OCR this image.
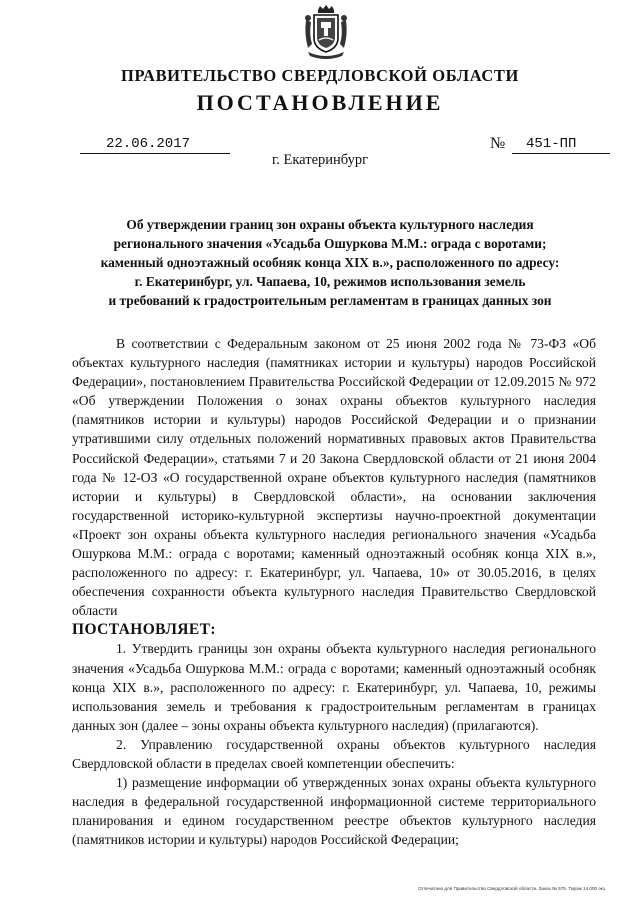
ПРАВИТЕЛЬСТВО СВЕРДЛОВСКОЙ ОБЛАСТИ
ПОСТАНОВЛЕНИЕ
22.06.2017	№	451-ПП
г. Екатеринбург
Об утверждении границ зон охраны объекта культурного наследия
регионального значения «Усадьба Ошуркова М.М.: ограда с воротами;
каменный одноэтажный особняк конца XIX в.», расположенного по адресу:
г. Екатеринбург, ул. Чапаева, 10, режимов использования земель
и требований к градостроительным регламентам в границах данных зон

В соответствии с Федеральным законом от 25 июня 2002 года № 73-ФЗ «Об объектах культурного наследия (памятниках истории и культуры) народов Российской Федерации», постановлением Правительства Российской Федерации от 12.09.2015 № 972 «Об утверждении Положения о зонах охраны объектов культурного наследия (памятников истории и культуры) народов Российской Федерации и о признании утратившими силу отдельных положений нормативных правовых актов Правительства Российской Федерации», статьями 7 и 20 Закона Свердловской области от 21 июня 2004 года № 12-ОЗ «О государственной охране объектов культурного наследия (памятников истории и культуры) в Свердловской области», на основании заключения государственной историко-культурной экспертизы научно-проектной документации «Проект зон охраны объекта культурного наследия регионального значения «Усадьба Ошуркова М.М.: ограда с воротами; каменный одноэтажный особняк конца XIX в.», расположенного по адресу: г. Екатеринбург, ул. Чапаева, 10» от 30.05.2016, в целях обеспечения сохранности объекта культурного наследия Правительство Свердловской области

ПОСТАНОВЛЯЕТ:

1. Утвердить границы зон охраны объекта культурного наследия регионального значения «Усадьба Ошуркова М.М.: ограда с воротами; каменный одноэтажный особняк конца XIX в.», расположенного по адресу: г. Екатеринбург, ул. Чапаева, 10, режимы использования земель и требования к градостроительным регламентам в границах данных зон (далее – зоны охраны объекта культурного наследия) (прилагаются).

2. Управлению государственной охраны объектов культурного наследия Свердловской области в пределах своей компетенции обеспечить:

1) размещение информации об утвержденных зонах охраны объекта культурного наследия в федеральной государственной информационной системе территориального планирования и едином государственном реестре объектов культурного наследия (памятников истории и культуры) народов Российской Федерации;

Отпечатано для Правительства Свердловской области. Заказ № 575. Тираж 14 000 экз.
